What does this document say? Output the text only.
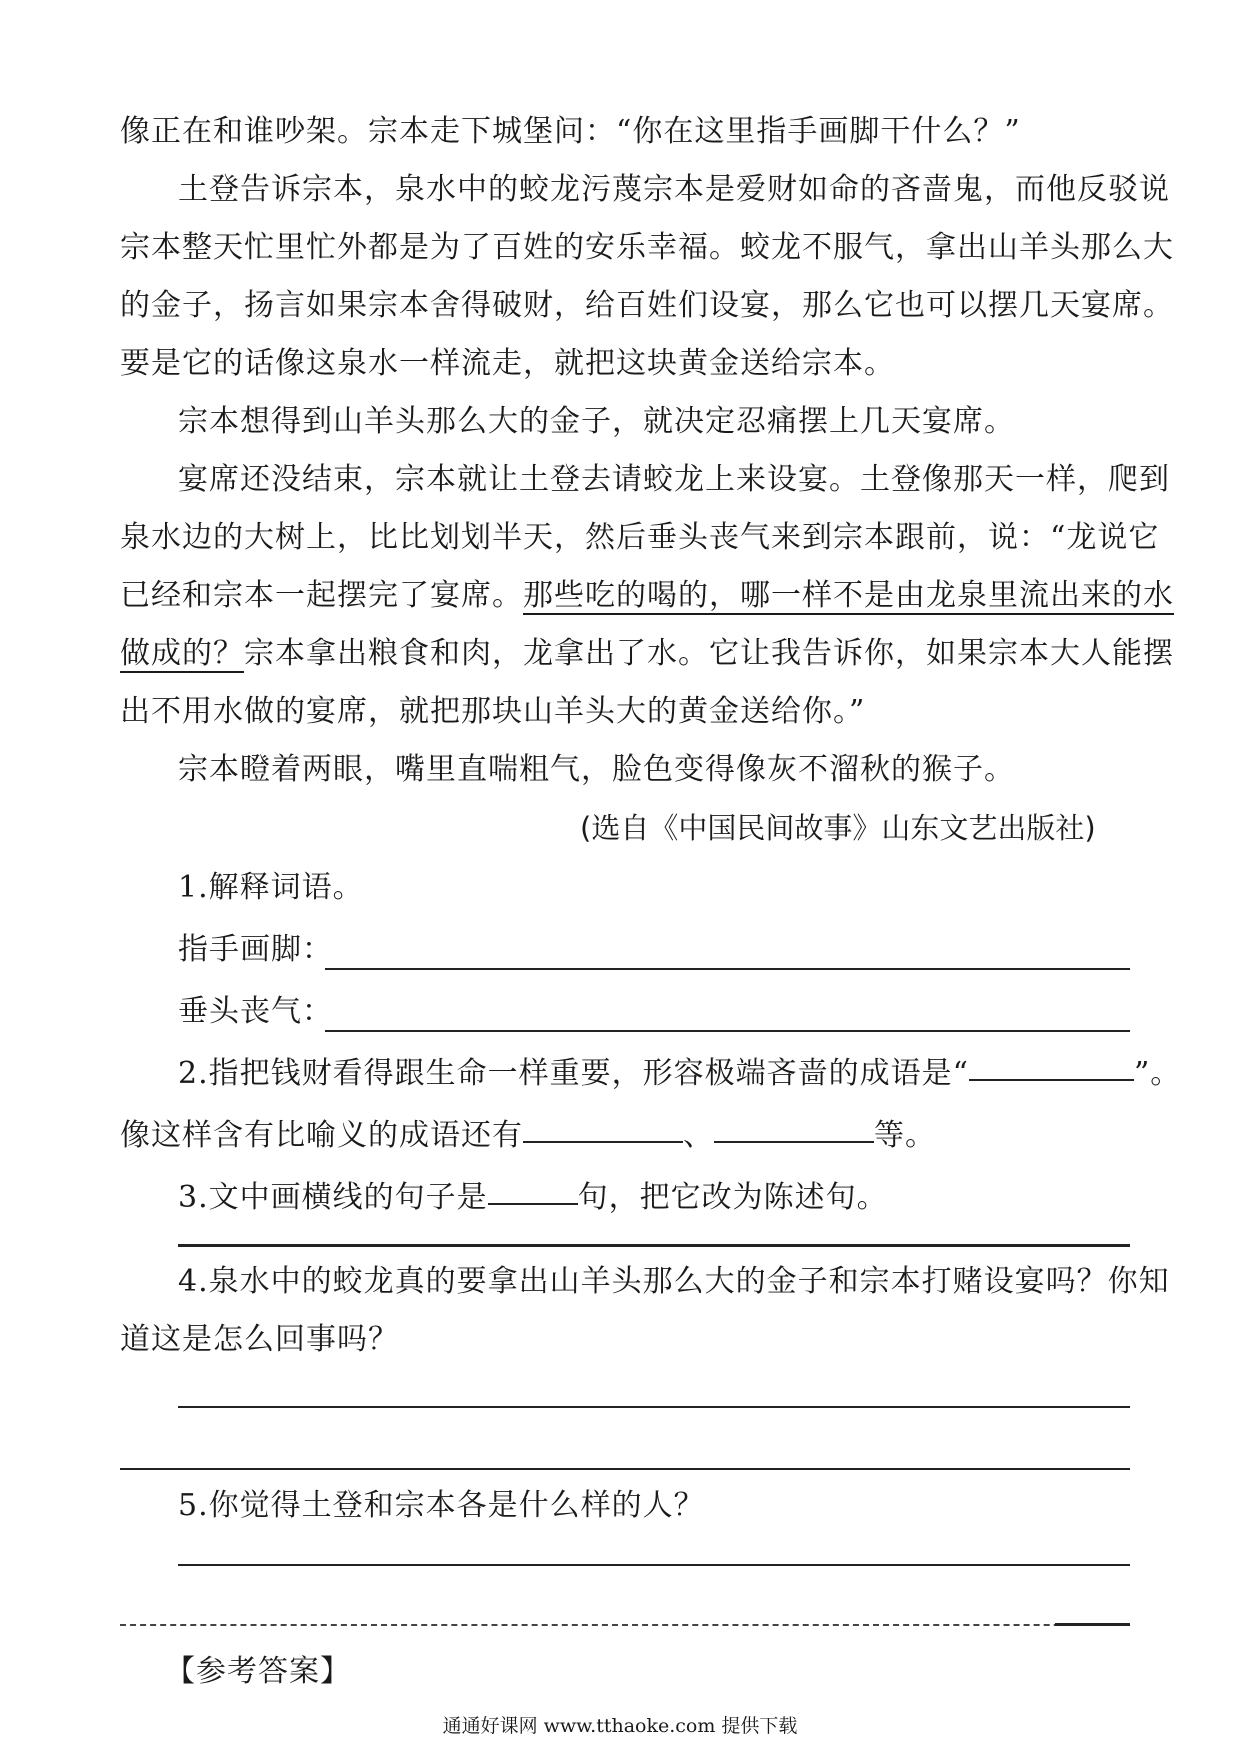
像正在和谁吵架。宗本走下城堡问：“你在这里指手画脚干什么？”
土登告诉宗本，泉水中的蛟龙污蔑宗本是爱财如命的吝啬鬼，而他反驳说
宗本整天忙里忙外都是为了百姓的安乐幸福。蛟龙不服气，拿出山羊头那么大
的金子，扬言如果宗本舍得破财，给百姓们设宴，那么它也可以摆几天宴席。
要是它的话像这泉水一样流走，就把这块黄金送给宗本。
宗本想得到山羊头那么大的金子，就决定忍痛摆上几天宴席。
宴席还没结束，宗本就让土登去请蛟龙上来设宴。土登像那天一样，爬到
泉水边的大树上，比比划划半天，然后垂头丧气来到宗本跟前，说：“龙说它
已经和宗本一起摆完了宴席。那些吃的喝的，哪一样不是由龙泉里流出来的水
做成的？宗本拿出粮食和肉，龙拿出了水。它让我告诉你，如果宗本大人能摆
出不用水做的宴席，就把那块山羊头大的黄金送给你。”
宗本瞪着两眼，嘴里直喘粗气，脸色变得像灰不溜秋的猴子。
(选自《中国民间故事》山东文艺出版社)
1.解释词语。
指手画脚：
垂头丧气：
2.指把钱财看得跟生命一样重要，形容极端吝啬的成语是“	”。
像这样含有比喻义的成语还有	、	等。
3.文中画横线的句子是	句，把它改为陈述句。
4.泉水中的蛟龙真的要拿出山羊头那么大的金子和宗本打赌设宴吗？你知
道这是怎么回事吗？
5.你觉得土登和宗本各是什么样的人？
【参考答案】
通通好课网 www.tthaoke.com 提供下载
